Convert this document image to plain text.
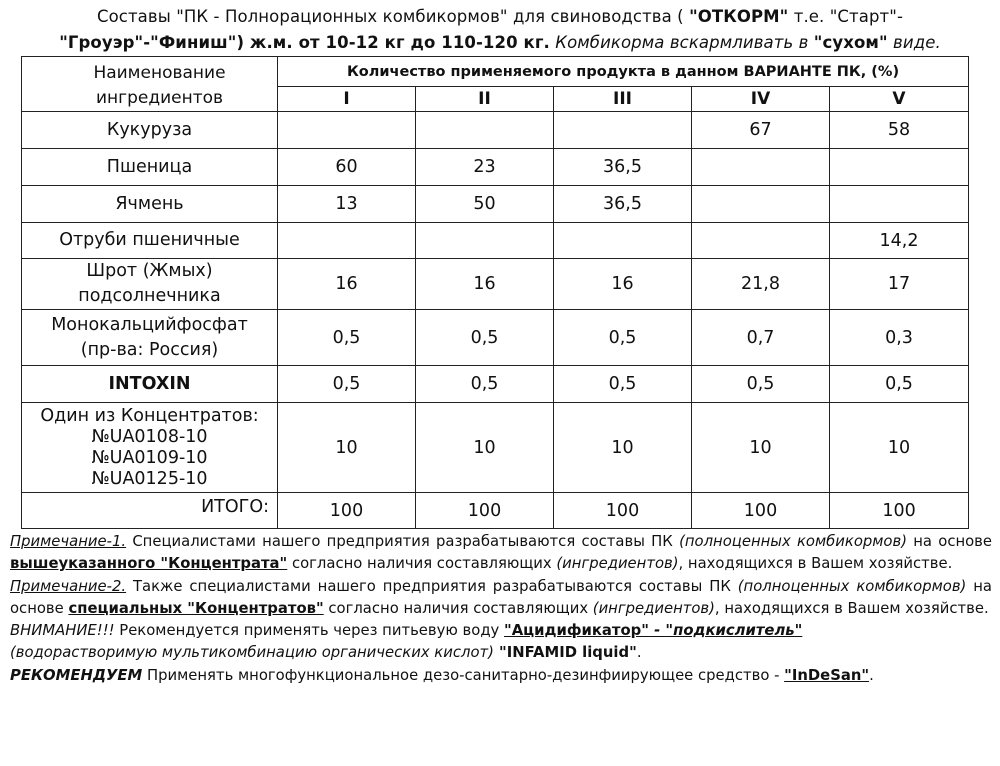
Составы "ПК - Полнорационных комбикормов" для свиноводства ( "ОТКОРМ" т.е. "Старт"-
"Гроуэр"-"Финиш") ж.м. от 10-12 кг до 110-120 кг. Комбикорма вскармливать в "сухом" виде.
Наименование
ингредиентов	Количество применяемого продукта в данном ВАРИАНТЕ ПК, (%)				
	I	II	III	IV	V
Кукуруза				67	58
Пшеница	60	23	36,5		
Ячмень	13	50	36,5		
Отруби пшеничные					14,2

Шрот (Жмых)
подсолнечника	16	16	16	21,8	17

Монокальцийфосфат
(пр-ва: Россия)	0,5	0,5	0,5	0,7	0,3
INTOXIN	0,5	0,5	0,5	0,5	0,5

Один из Концентратов:
№UA0108-10
№UA0109-10
№UA0125-10	10	10	10	10	10
ИТОГО:	100	100	100	100	100

Примечание-1. Специалистами нашего предприятия разрабатываются составы ПК (полноценных комбикормов) на основе вышеуказанного "Концентрата" согласно наличия составляющих (ингредиентов), находящихся в Вашем хозяйстве.

Примечание-2. Также специалистами нашего предприятия разрабатываются составы ПК (полноценных комбикормов) на основе специальных "Концентратов" согласно наличия составляющих (ингредиентов), находящихся в Вашем хозяйстве.

ВНИМАНИЕ!!! Рекомендуется применять через питьевую воду "Ацидификатор" - "подкислитель"
(водорастворимую мультикомбинацию органических кислот) "INFAMID liquid".

РЕКОМЕНДУЕМ Применять многофункциональное дезо-санитарно-дезинфиирующее средство - "InDeSan".
